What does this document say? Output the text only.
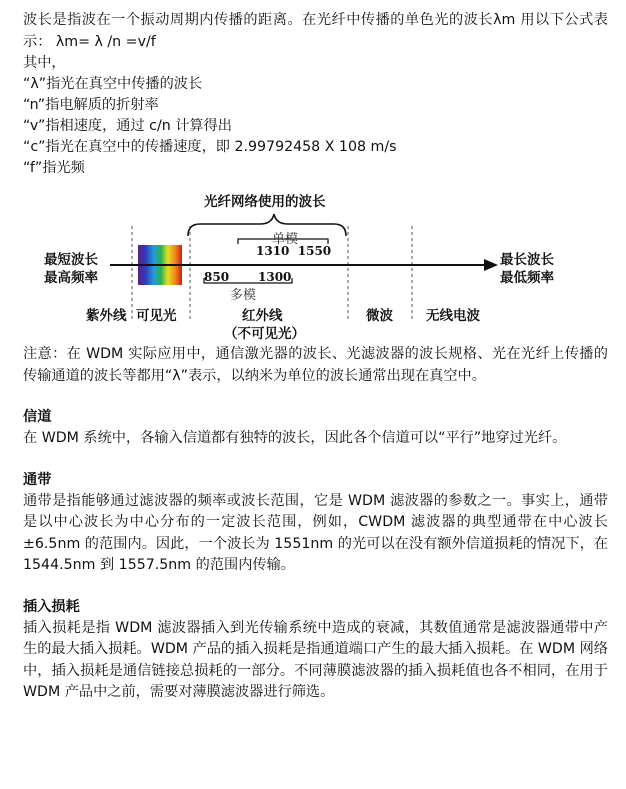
波长是指波在一个振动周期内传播的距离。在光纤中传播的单色光的波长λm 用以下公式表示： λm= λ /n =v/f
其中，
“λ”指光在真空中传播的波长
“n”指电解质的折射率
“v”指相速度，通过 c/n 计算得出
“c”指光在真空中的传播速度，即 2.99792458 X 108 m/s
“f”指光频
光纤网络使用的波长
单模
1310  1550
最短波长
最高频率
最长波长
最低频率
850 1300
多模
紫外线 可见光	红外线
（不可见光）
微波 无线电波
注意：在 WDM 实际应用中，通信激光器的波长、光滤波器的波长规格、光在光纤上传播的传输通道的波长等都用“λ”表示，以纳米为单位的波长通常出现在真空中。
信道
在 WDM 系统中，各输入信道都有独特的波长，因此各个信道可以“平行”地穿过光纤。
通带
通带是指能够通过滤波器的频率或波长范围，它是 WDM 滤波器的参数之一。事实上，通带是以中心波长为中心分布的一定波长范围，例如，CWDM 滤波器的典型通带在中心波长±6.5nm 的范围内。因此，一个波长为 1551nm 的光可以在没有额外信道损耗的情况下，在 1544.5nm 到 1557.5nm 的范围内传输。
插入损耗
插入损耗是指 WDM 滤波器插入到光传输系统中造成的衰减，其数值通常是滤波器通带中产生的最大插入损耗。WDM 产品的插入损耗是指通道端口产生的最大插入损耗。在 WDM 网络中，插入损耗是通信链接总损耗的一部分。不同薄膜滤波器的插入损耗值也各不相同，在用于 WDM 产品中之前，需要对薄膜滤波器进行筛选。
